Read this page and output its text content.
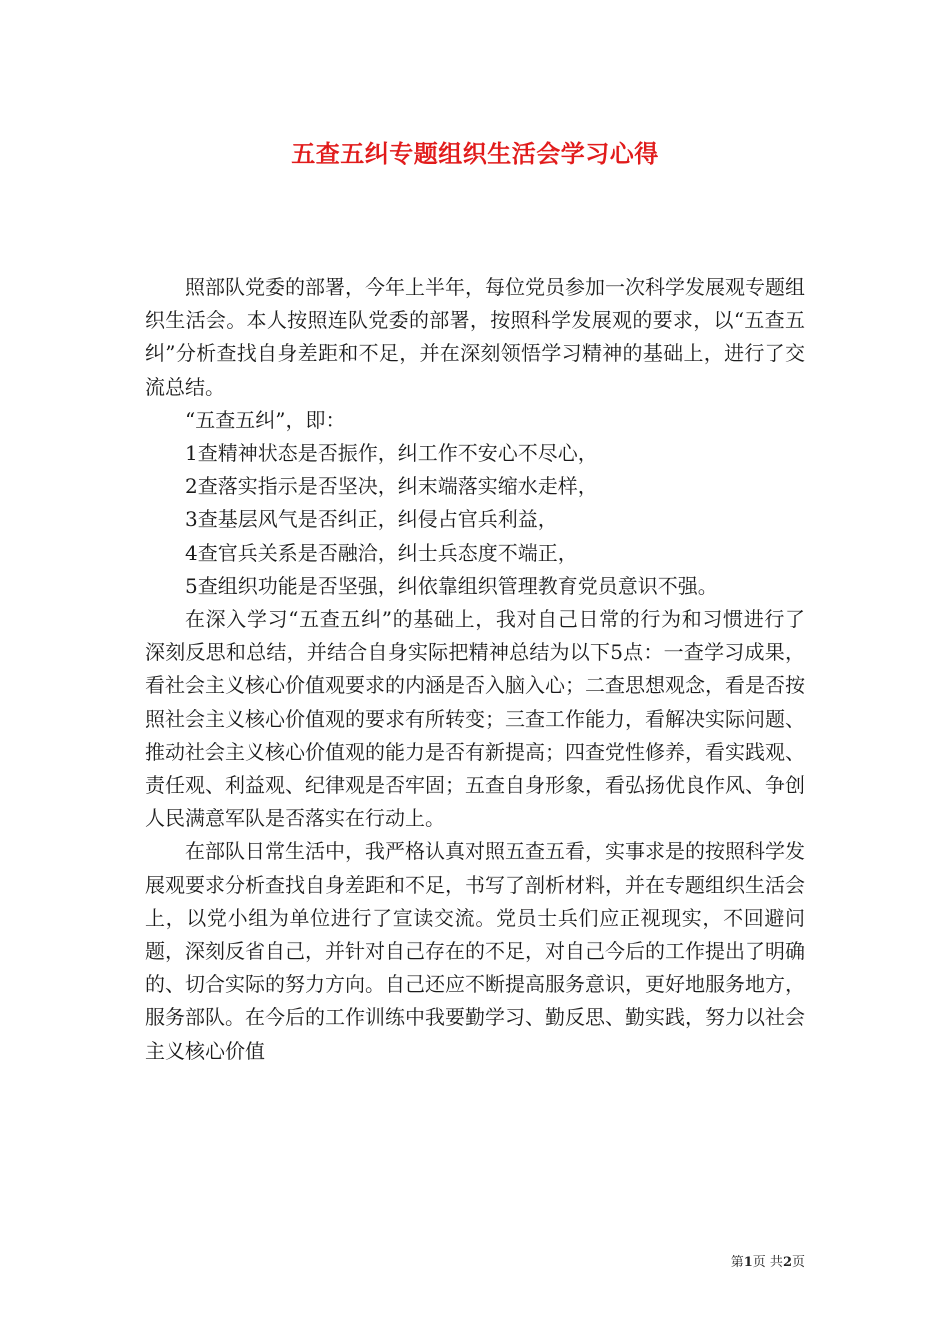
五查五纠专题组织生活会学习心得

照部队党委的部署，今年上半年，每位党员参加一次科学发展观专题组织生活会。本人按照连队党委的部署，按照科学发展观的要求，以“五查五纠”分析查找自身差距和不足，并在深刻领悟学习精神的基础上，进行了交流总结。

“五查五纠”，即：

1查精神状态是否振作，纠工作不安心不尽心，

2查落实指示是否坚决，纠末端落实缩水走样，

3查基层风气是否纠正，纠侵占官兵利益，

4查官兵关系是否融洽，纠士兵态度不端正，

5查组织功能是否坚强，纠依靠组织管理教育党员意识不强。

在深入学习“五查五纠”的基础上，我对自己日常的行为和习惯进行了深刻反思和总结，并结合自身实际把精神总结为以下5点：一查学习成果，看社会主义核心价值观要求的内涵是否入脑入心；二查思想观念，看是否按照社会主义核心价值观的要求有所转变；三查工作能力，看解决实际问题、推动社会主义核心价值观的能力是否有新提高；四查党性修养，看实践观、责任观、利益观、纪律观是否牢固；五查自身形象，看弘扬优良作风、争创人民满意军队是否落实在行动上。

在部队日常生活中，我严格认真对照五查五看，实事求是的按照科学发展观要求分析查找自身差距和不足，书写了剖析材料，并在专题组织生活会上，以党小组为单位进行了宣读交流。党员士兵们应正视现实，不回避问题，深刻反省自己，并针对自己存在的不足，对自己今后的工作提出了明确的、切合实际的努力方向。自己还应不断提高服务意识，更好地服务地方，服务部队。在今后的工作训练中我要勤学习、勤反思、勤实践，努力以社会主义核心价值

第1页 共2页
